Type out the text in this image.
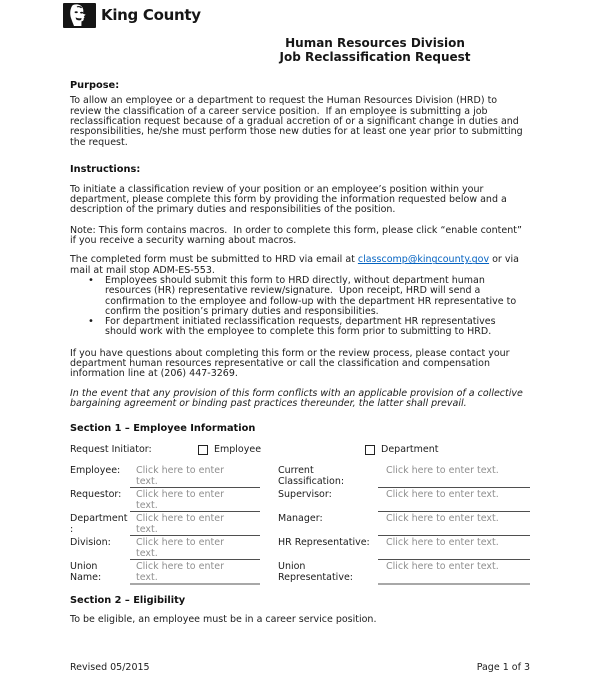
King County
Human Resources Division
Job Reclassification Request
Purpose:

To allow an employee or a department to request the Human Resources Division (HRD) to review the classification of a career service position.  If an employee is submitting a job reclassification request because of a gradual accretion of or a significant change in duties and responsibilities, he/she must perform those new duties for at least one year prior to submitting the request.

Instructions:

To initiate a classification review of your position or an employee’s position within your department, please complete this form by providing the information requested below and a description of the primary duties and responsibilities of the position.

Note: This form contains macros.  In order to complete this form, please click “enable content” if you receive a security warning about macros.

The completed form must be submitted to HRD via email at classcomp@kingcounty.gov or via mail at mail stop ADM-ES-553.

• Employees should submit this form to HRD directly, without department human resources (HR) representative review/signature.  Upon receipt, HRD will send a confirmation to the employee and follow-up with the department HR representative to confirm the position’s primary duties and responsibilities.
• For department initiated reclassification requests, department HR representatives should work with the employee to complete this form prior to submitting to HRD.

If you have questions about completing this form or the review process, please contact your department human resources representative or call the classification and compensation information line at (206) 447-3269.

In the event that any provision of this form conflicts with an applicable provision of a collective bargaining agreement or binding past practices thereunder, the latter shall prevail.

Section 1 – Employee Information
Request Initiator:	Employee	Department
Employee:	Click here to enter text.
Current Classification:
Click here to enter text.
Requestor:	Click here to enter text.
Supervisor:	Click here to enter text.
Department:
Click here to enter text.
Manager:	Click here to enter text.
Division:	Click here to enter text.
HR Representative:	Click here to enter text.
Union Name:
Click here to enter text.
Union Representative:
Click here to enter text.
Section 2 – Eligibility

To be eligible, an employee must be in a career service position.

Revised 05/2015	Page 1 of 3
